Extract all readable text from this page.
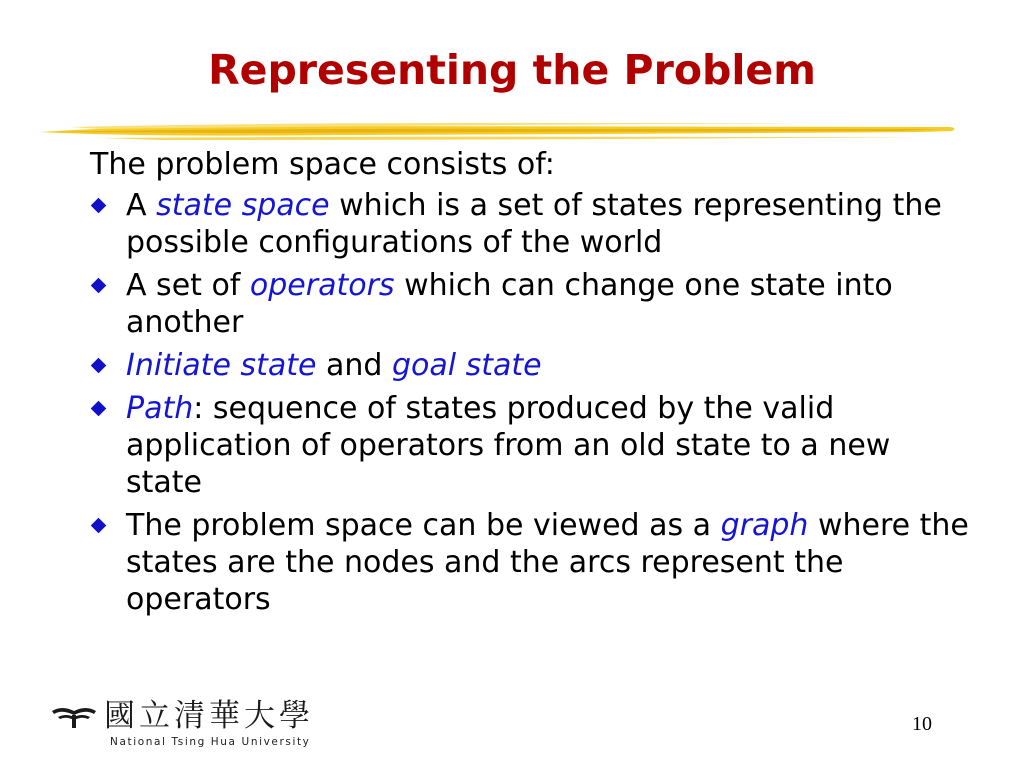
Representing the Problem
The problem space consists of:
A state space which is a set of states representing the possible configurations of the world
A set of operators which can change one state into another
Initiate state and goal state
Path: sequence of states produced by the valid application of operators from an old state to a new state
The problem space can be viewed as a graph where the states are the nodes and the arcs represent the operators
國立清華大學
National Tsing Hua University
10
